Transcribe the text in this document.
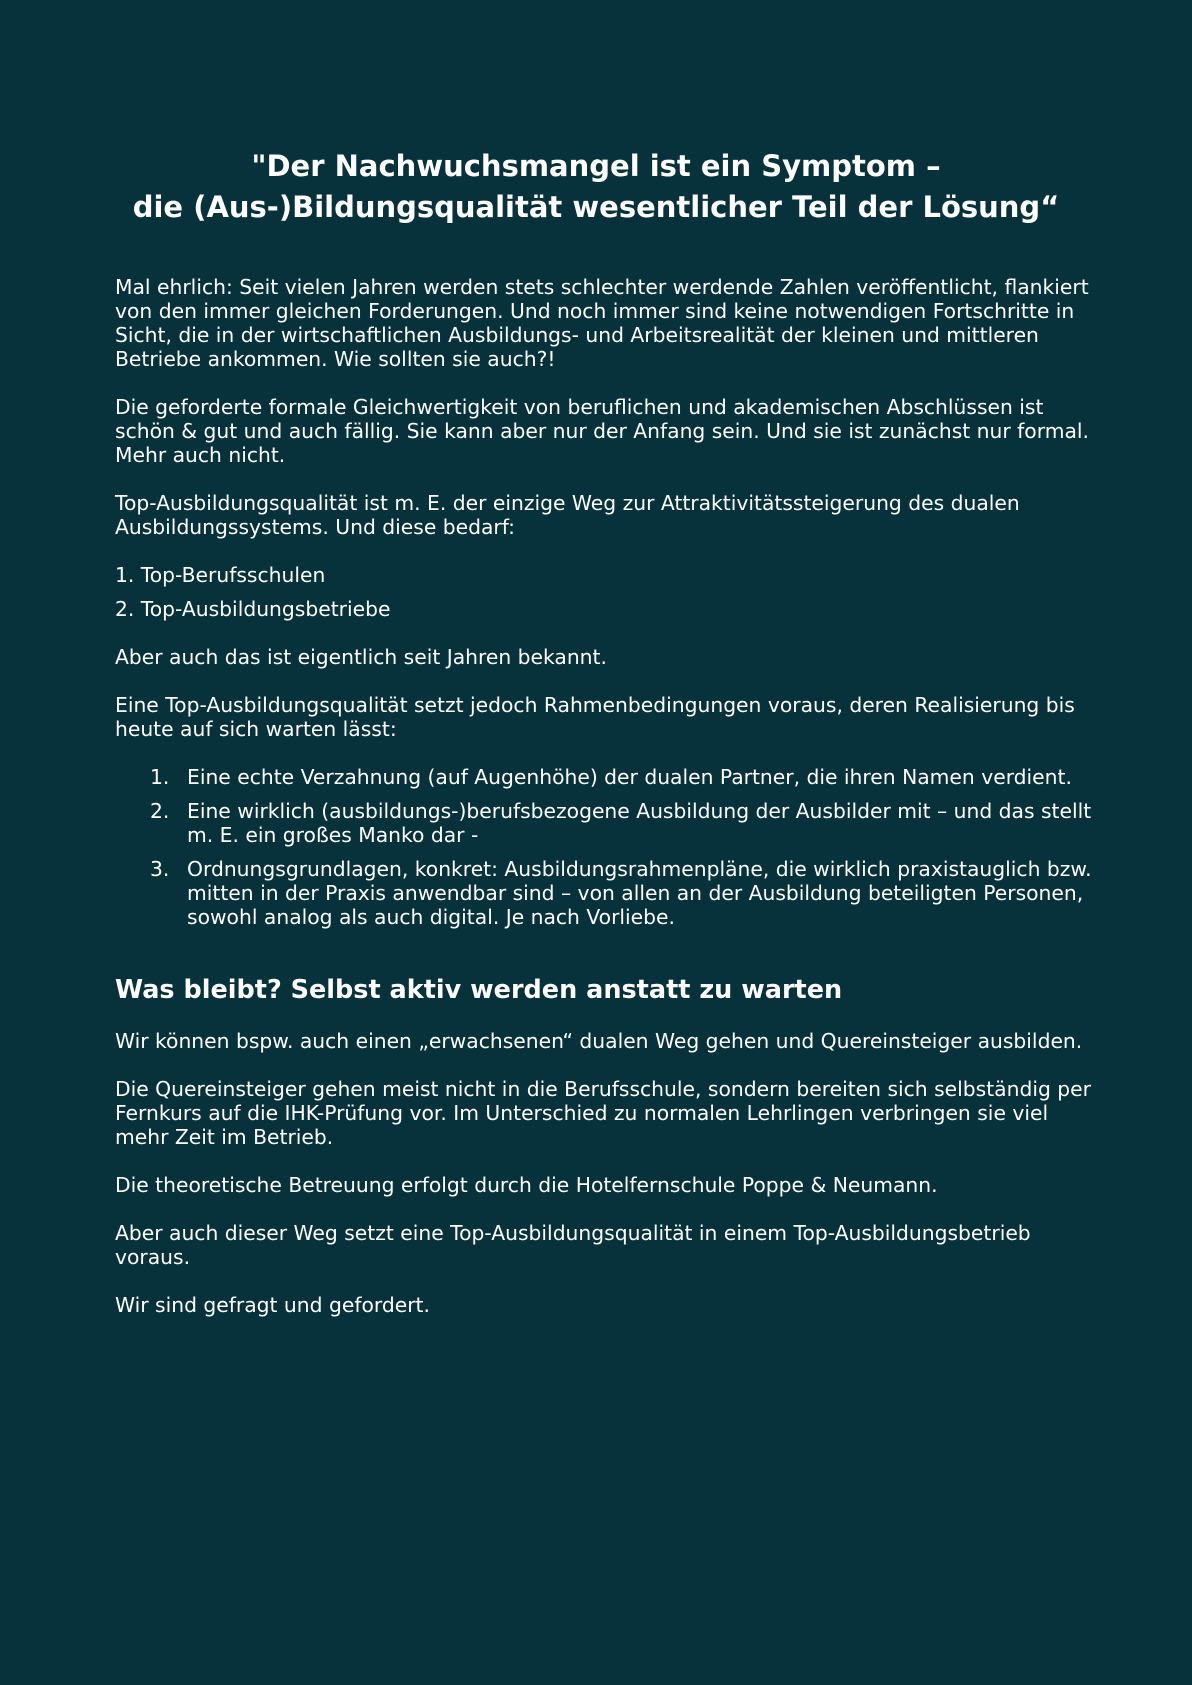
"Der Nachwuchsmangel ist ein Symptom –
die (Aus-)Bildungsqualität wesentlicher Teil der Lösung“

Mal ehrlich: Seit vielen Jahren werden stets schlechter werdende Zahlen veröffentlicht, flankiert von den immer gleichen Forderungen. Und noch immer sind keine notwendigen Fortschritte in Sicht, die in der wirtschaftlichen Ausbildungs- und Arbeitsrealität der kleinen und mittleren Betriebe ankommen. Wie sollten sie auch?!

Die geforderte formale Gleichwertigkeit von beruflichen und akademischen Abschlüssen ist schön & gut und auch fällig. Sie kann aber nur der Anfang sein. Und sie ist zunächst nur formal. Mehr auch nicht.

Top-Ausbildungsqualität ist m. E. der einzige Weg zur Attraktivitätssteigerung des dualen Ausbildungssystems. Und diese bedarf:

1. Top-Berufsschulen
2. Top-Ausbildungsbetriebe

Aber auch das ist eigentlich seit Jahren bekannt.

Eine Top-Ausbildungsqualität setzt jedoch Rahmenbedingungen voraus, deren Realisierung bis heute auf sich warten lässt:

1. Eine echte Verzahnung (auf Augenhöhe) der dualen Partner, die ihren Namen verdient.
2. Eine wirklich (ausbildungs-)berufsbezogene Ausbildung der Ausbilder mit – und das stellt m. E. ein großes Manko dar -
3. Ordnungsgrundlagen, konkret: Ausbildungsrahmenpläne, die wirklich praxistauglich bzw. mitten in der Praxis anwendbar sind – von allen an der Ausbildung beteiligten Personen, sowohl analog als auch digital. Je nach Vorliebe.
Was bleibt? Selbst aktiv werden anstatt zu warten

Wir können bspw. auch einen „erwachsenen“ dualen Weg gehen und Quereinsteiger ausbilden.

Die Quereinsteiger gehen meist nicht in die Berufsschule, sondern bereiten sich selbständig per Fernkurs auf die IHK-Prüfung vor. Im Unterschied zu normalen Lehrlingen verbringen sie viel mehr Zeit im Betrieb.

Die theoretische Betreuung erfolgt durch die Hotelfernschule Poppe & Neumann.

Aber auch dieser Weg setzt eine Top-Ausbildungsqualität in einem Top-Ausbildungsbetrieb voraus.

Wir sind gefragt und gefordert.
